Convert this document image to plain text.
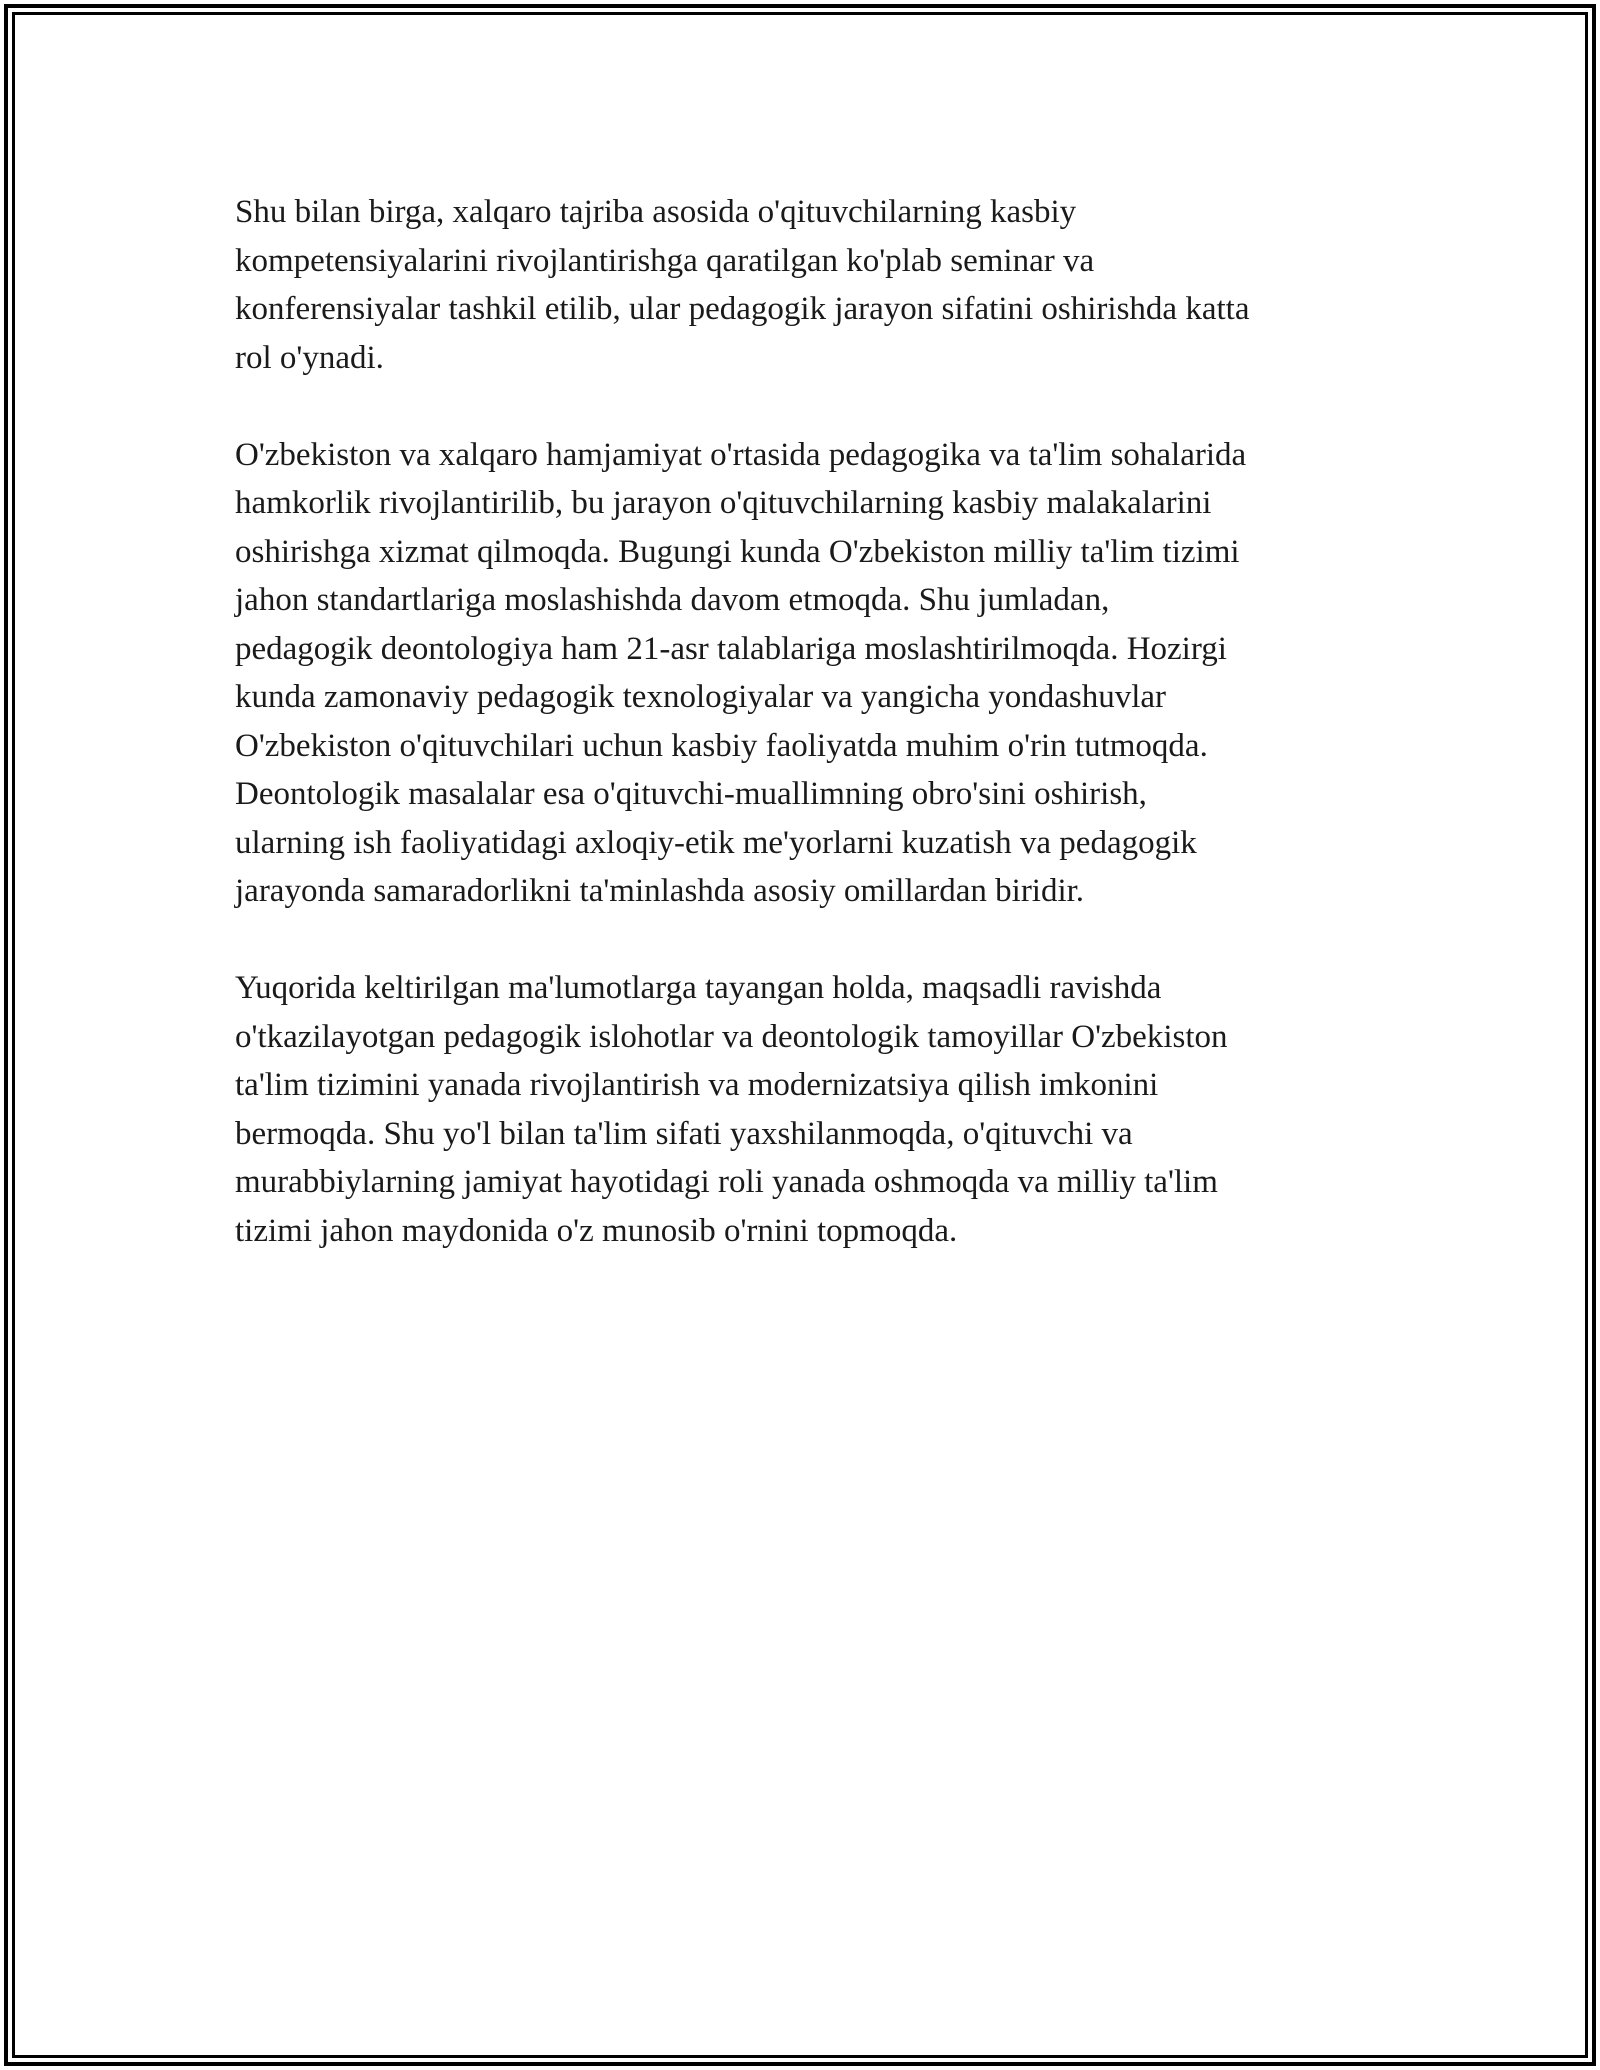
Shu bilan birga, xalqaro tajriba asosida o'qituvchilarning kasbiy
kompetensiyalarini rivojlantirishga qaratilgan ko'plab seminar va
konferensiyalar tashkil etilib, ular pedagogik jarayon sifatini oshirishda katta
rol o'ynadi.

O'zbekiston va xalqaro hamjamiyat o'rtasida pedagogika va ta'lim sohalarida
hamkorlik rivojlantirilib, bu jarayon o'qituvchilarning kasbiy malakalarini
oshirishga xizmat qilmoqda. Bugungi kunda O'zbekiston milliy ta'lim tizimi
jahon standartlariga moslashishda davom etmoqda. Shu jumladan,
pedagogik deontologiya ham 21-asr talablariga moslashtirilmoqda. Hozirgi
kunda zamonaviy pedagogik texnologiyalar va yangicha yondashuvlar
O'zbekiston o'qituvchilari uchun kasbiy faoliyatda muhim o'rin tutmoqda.
Deontologik masalalar esa o'qituvchi-muallimning obro'sini oshirish,
ularning ish faoliyatidagi axloqiy-etik me'yorlarni kuzatish va pedagogik
jarayonda samaradorlikni ta'minlashda asosiy omillardan biridir.

Yuqorida keltirilgan ma'lumotlarga tayangan holda, maqsadli ravishda
o'tkazilayotgan pedagogik islohotlar va deontologik tamoyillar O'zbekiston
ta'lim tizimini yanada rivojlantirish va modernizatsiya qilish imkonini
bermoqda. Shu yo'l bilan ta'lim sifati yaxshilanmoqda, o'qituvchi va
murabbiylarning jamiyat hayotidagi roli yanada oshmoqda va milliy ta'lim
tizimi jahon maydonida o'z munosib o'rnini topmoqda.
